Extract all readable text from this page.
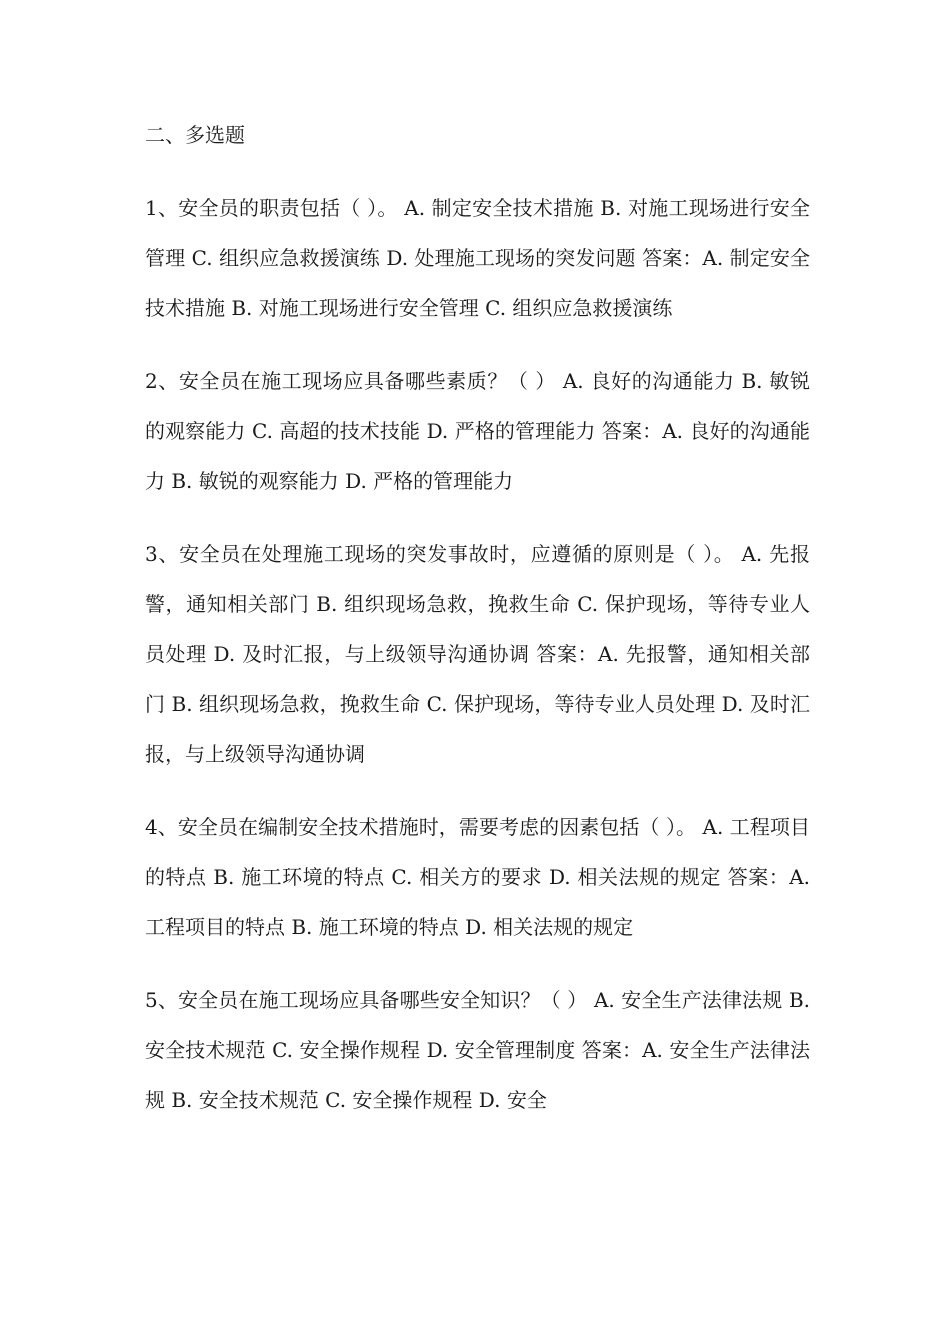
二、多选题
1、安全员的职责包括（ ）。 A. 制定安全技术措施 B. 对施工现场进行安全管理 C. 组织应急救援演练 D. 处理施工现场的突发问题 答案：A. 制定安全技术措施 B. 对施工现场进行安全管理 C. 组织应急救援演练
2、安全员在施工现场应具备哪些素质？（ ） A. 良好的沟通能力 B. 敏锐的观察能力 C. 高超的技术技能 D. 严格的管理能力 答案：A. 良好的沟通能力 B. 敏锐的观察能力 D. 严格的管理能力
3、安全员在处理施工现场的突发事故时，应遵循的原则是（ ）。 A. 先报警，通知相关部门 B. 组织现场急救，挽救生命 C. 保护现场，等待专业人员处理 D. 及时汇报，与上级领导沟通协调 答案：A. 先报警，通知相关部门 B. 组织现场急救，挽救生命 C. 保护现场，等待专业人员处理 D. 及时汇报，与上级领导沟通协调
4、安全员在编制安全技术措施时，需要考虑的因素包括（ ）。 A. 工程项目的特点 B. 施工环境的特点 C. 相关方的要求 D. 相关法规的规定 答案：A. 工程项目的特点 B. 施工环境的特点 D. 相关法规的规定
5、安全员在施工现场应具备哪些安全知识？（ ） A. 安全生产法律法规 B. 安全技术规范 C. 安全操作规程 D. 安全管理制度 答案：A. 安全生产法律法规 B. 安全技术规范 C. 安全操作规程 D. 安全
